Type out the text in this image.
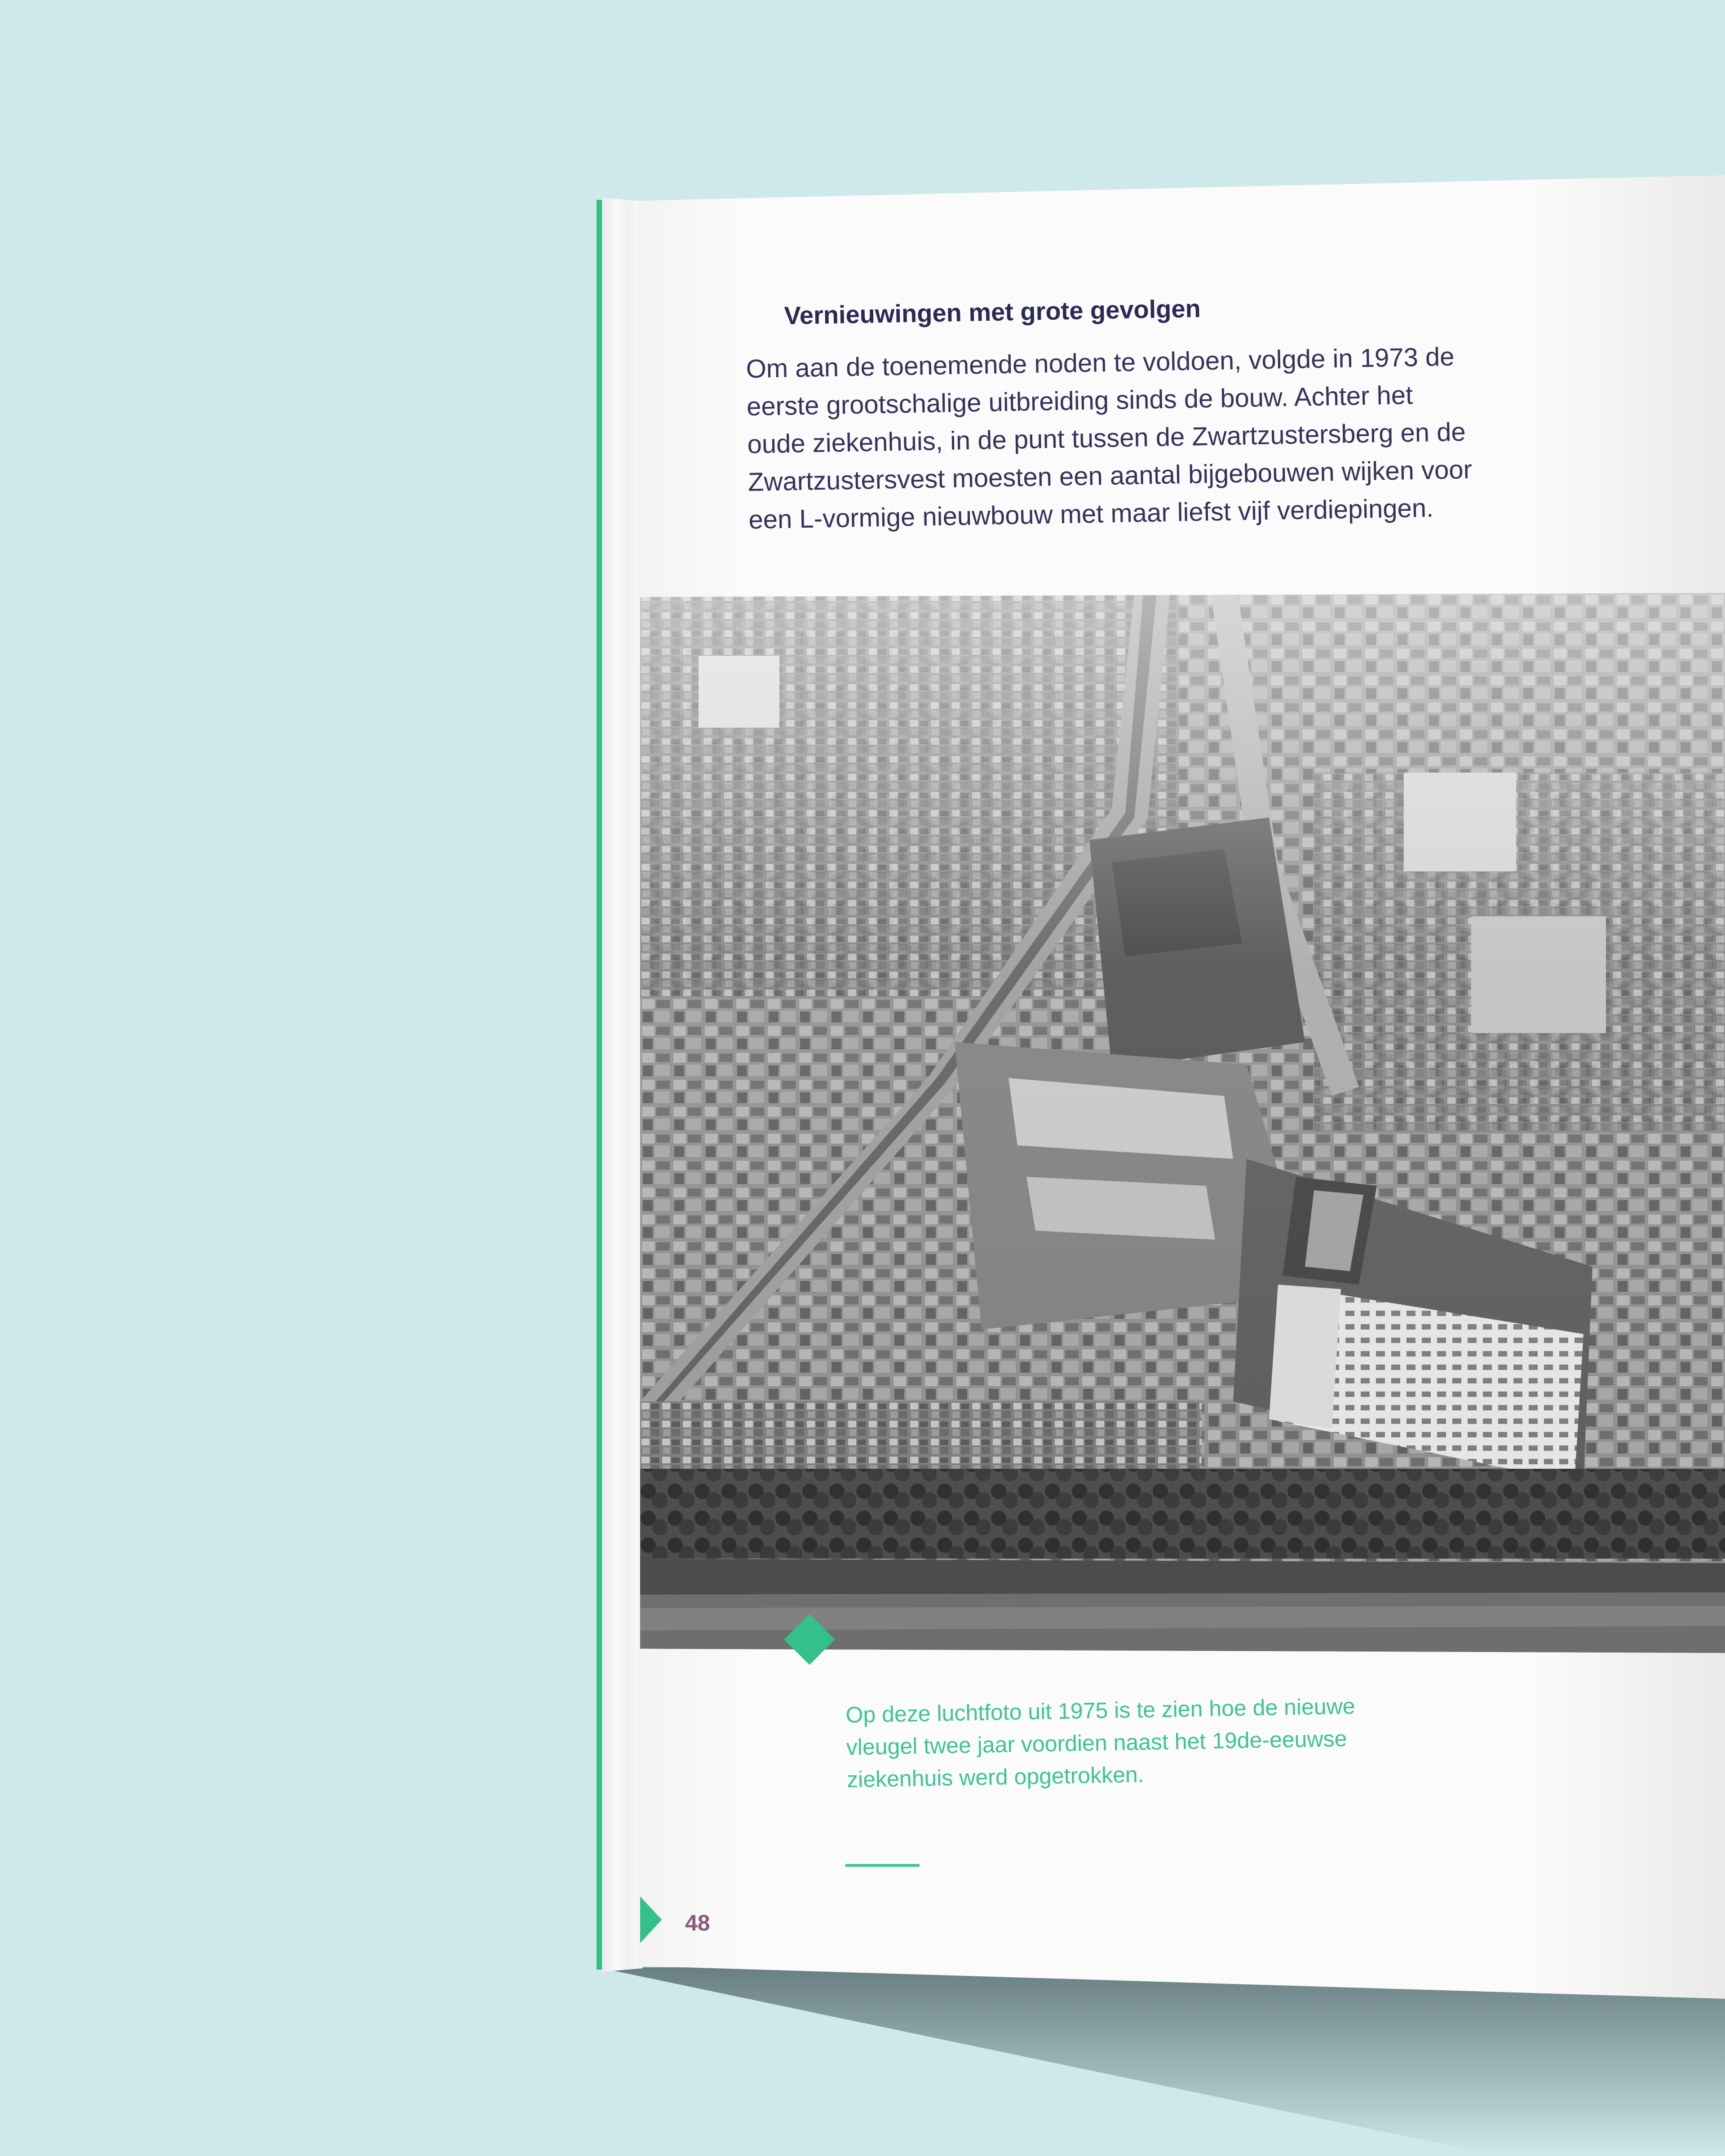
Vernieuwingen met grote gevolgen
Om aan de toenemende noden te voldoen, volgde in 1973 de
eerste grootschalige uitbreiding sinds de bouw. Achter het
oude ziekenhuis, in de punt tussen de Zwartzustersberg en de
Zwartzustersvest moesten een aantal bijgebouwen wijken voor
een L-vormige nieuwbouw met maar liefst vijf verdiepingen.
Op deze luchtfoto uit 1975 is te zien hoe de nieuwe
vleugel twee jaar voordien naast het 19de-eeuwse
ziekenhuis werd opgetrokken.
48
